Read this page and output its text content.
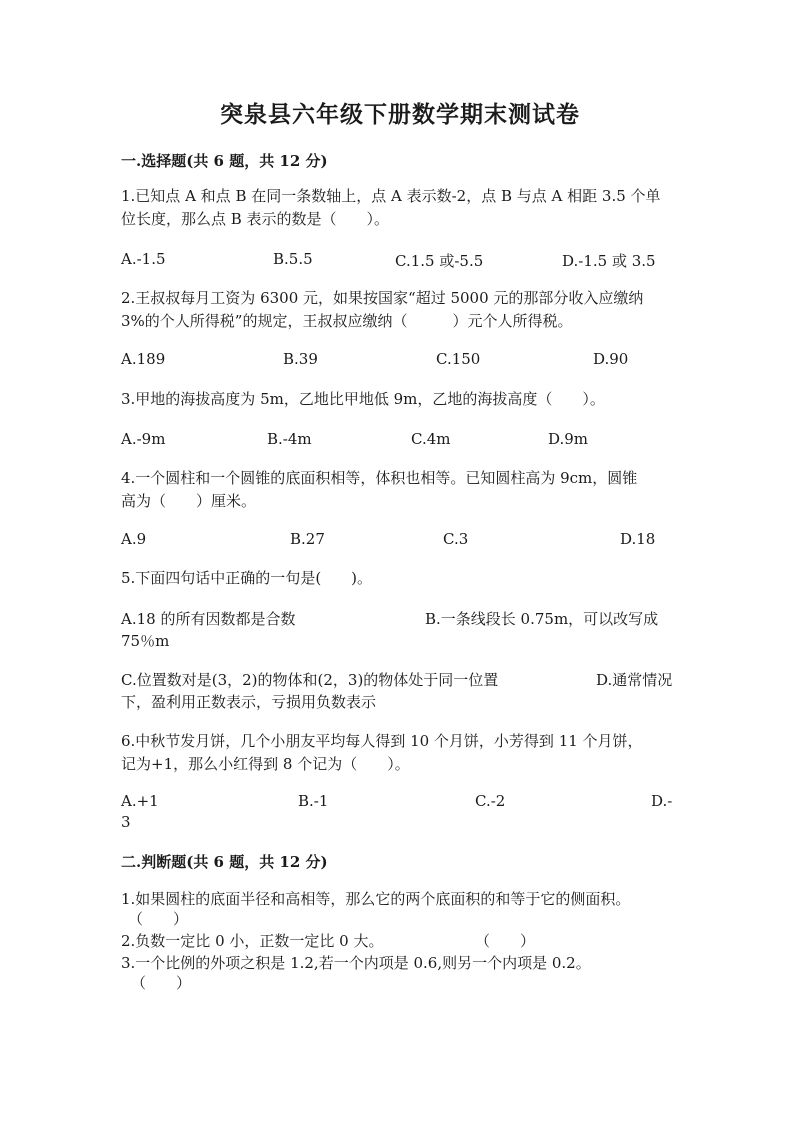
突泉县六年级下册数学期末测试卷
一.选择题(共 6 题，共 12 分)
1.已知点 A 和点 B 在同一条数轴上，点 A 表示数-2，点 B 与点 A 相距 3.5 个单
位长度，那么点 B 表示的数是（　　）。
A.-1.5	B.5.5	C.1.5 或-5.5	D.-1.5 或 3.5
2.王叔叔每月工资为 6300 元，如果按国家“超过 5000 元的那部分收入应缴纳
3%的个人所得税”的规定，王叔叔应缴纳（　　　）元个人所得税。
A.189	B.39	C.150	D.90
3.甲地的海拔高度为 5m，乙地比甲地低 9m，乙地的海拔高度（　　）。
A.-9m	B.-4m	C.4m	D.9m
4.一个圆柱和一个圆锥的底面积相等，体积也相等。已知圆柱高为 9cm，圆锥
高为（　　）厘米。
A.9	B.27	C.3	D.18
5.下面四句话中正确的一句是(　　)。
A.18 的所有因数都是合数	B.一条线段长 0.75m，可以改写成
75％m
C.位置数对是(3，2)的物体和(2，3)的物体处于同一位置	D.通常情况
下，盈利用正数表示，亏损用负数表示
6.中秋节发月饼，几个小朋友平均每人得到 10 个月饼，小芳得到 11 个月饼，
记为+1，那么小红得到 8 个记为（　　）。
A.+1	B.-1	C.-2	D.-
3
二.判断题(共 6 题，共 12 分)
1.如果圆柱的底面半径和高相等，那么它的两个底面积的和等于它的侧面积。
（　　）
2.负数一定比 0 小，正数一定比 0 大。	（　　）
3.一个比例的外项之积是 1.2,若一个内项是 0.6,则另一个内项是 0.2。
（　　）
